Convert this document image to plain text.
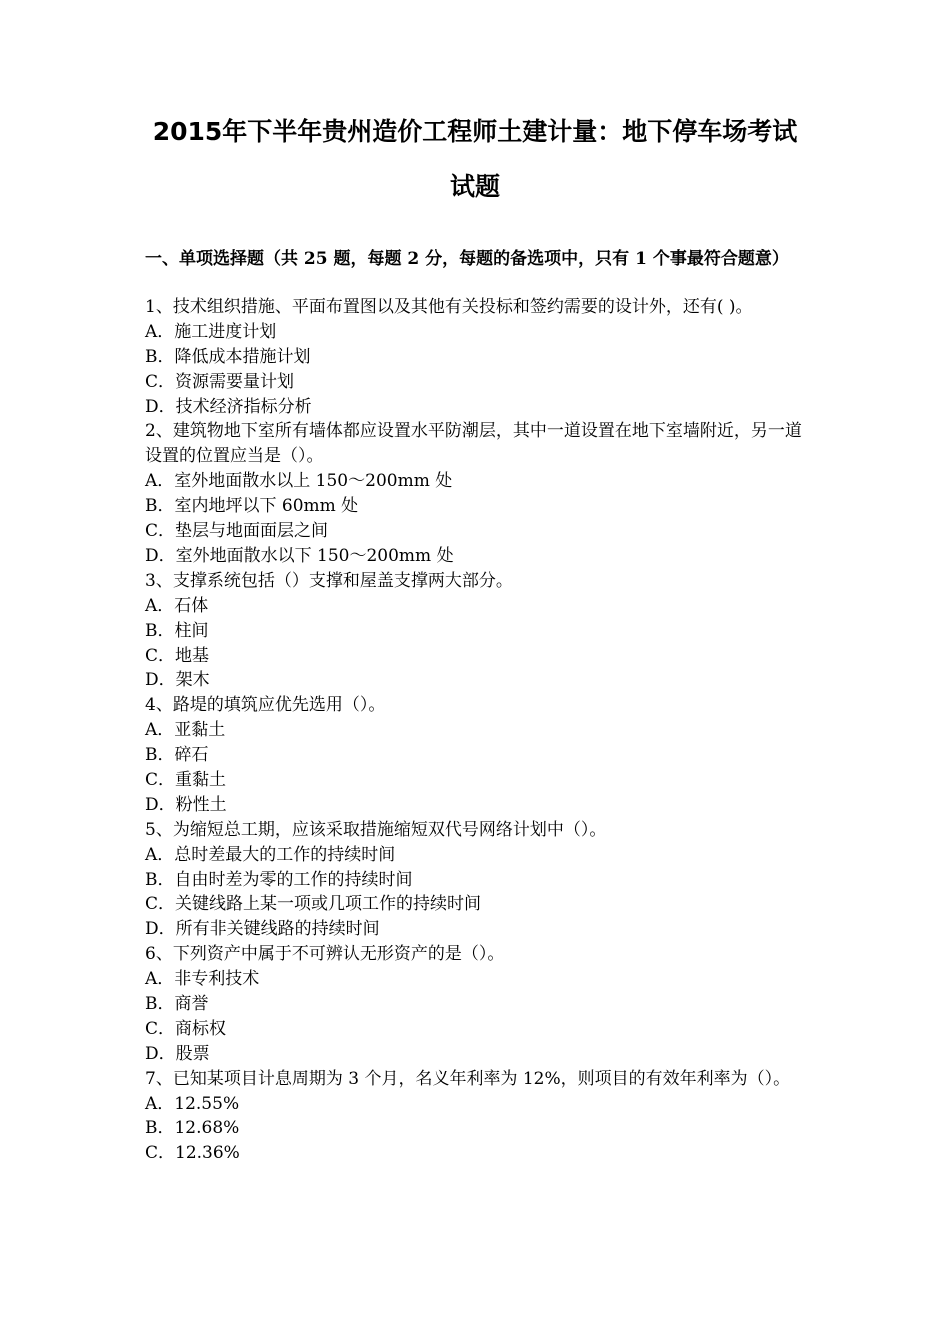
2015年下半年贵州造价工程师土建计量：地下停车场考试
试题
一、单项选择题（共 25 题，每题 2 分，每题的备选项中，只有 1 个事最符合题意）
1、技术组织措施、平面布置图以及其他有关投标和签约需要的设计外，还有( )。
A．施工进度计划
B．降低成本措施计划
C．资源需要量计划
D．技术经济指标分析
2、建筑物地下室所有墙体都应设置水平防潮层，其中一道设置在地下室墙附近，另一道设置的位置应当是（）。
A．室外地面散水以上 150～200mm 处
B．室内地坪以下 60mm 处
C．垫层与地面面层之间
D．室外地面散水以下 150～200mm 处
3、支撑系统包括（）支撑和屋盖支撑两大部分。
A．石体
B．柱间
C．地基
D．架木
4、路堤的填筑应优先选用（）。
A．亚黏土
B．碎石
C．重黏土
D．粉性土
5、为缩短总工期，应该采取措施缩短双代号网络计划中（）。
A．总时差最大的工作的持续时间
B．自由时差为零的工作的持续时间
C．关键线路上某一项或几项工作的持续时间
D．所有非关键线路的持续时间
6、下列资产中属于不可辨认无形资产的是（）。
A．非专利技术
B．商誉
C．商标权
D．股票
7、已知某项目计息周期为 3 个月，名义年利率为 12%，则项目的有效年利率为（）。
A．12.55%
B．12.68%
C．12.36%
